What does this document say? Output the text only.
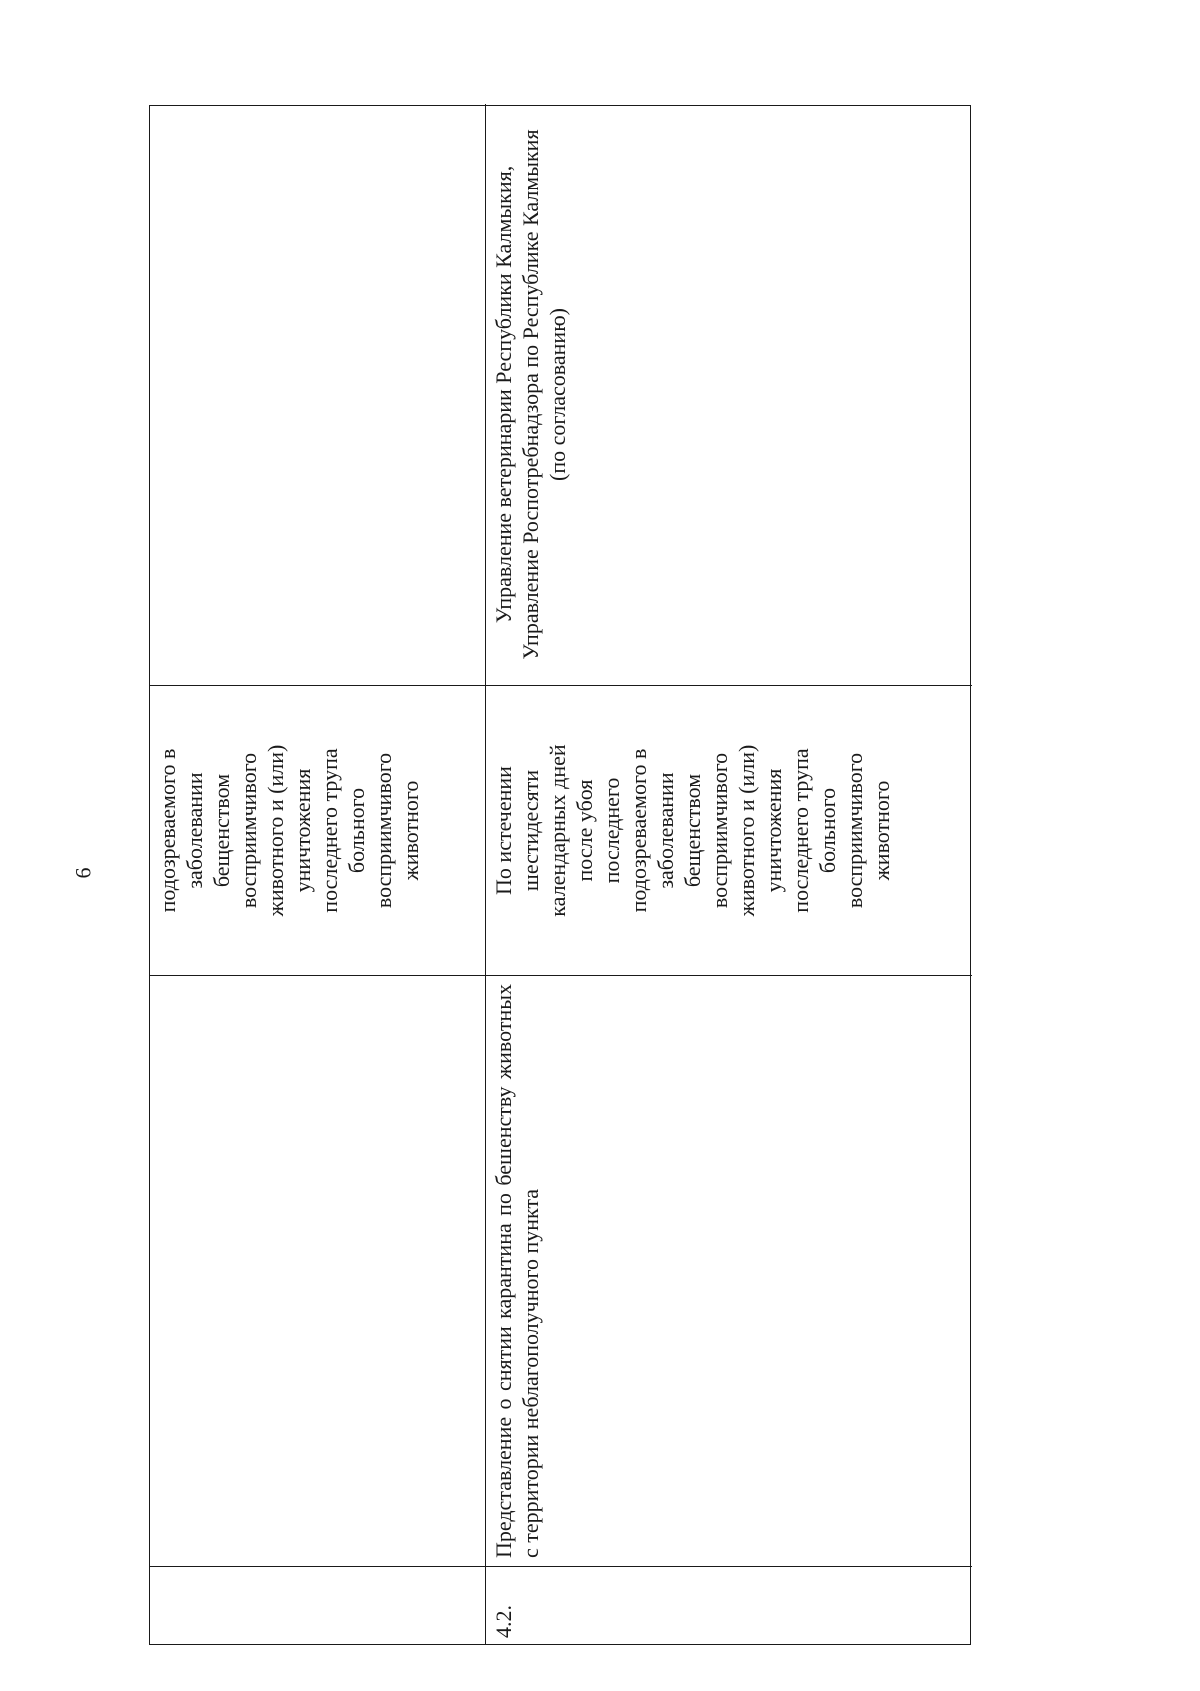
6	подозреваемого в заболевании бещенством восприимчивого животного и (или) уничтожения последнего трупа больного восприимчивого животного
4.2.
Представление о снятии карантина по бешенству животных с территории неблагополучного пункта
По истечении шестидесяти календарных дней после убоя последнего подозреваемого в заболевании бещенством восприимчивого животного и (или) уничтожения последнего трупа больного восприимчивого животного
Управление ветеринарии Республики Калмыкия, Управление Роспотребнадзора по Республике Калмыкия (по согласованию)
